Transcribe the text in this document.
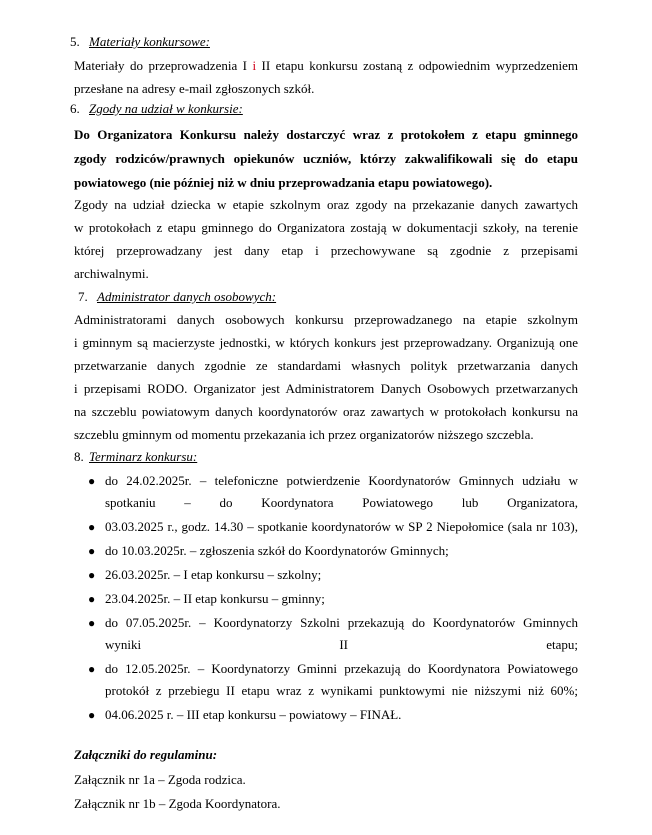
5. Materiały konkursowe:
Materiały do przeprowadzenia I i II etapu konkursu zostaną z odpowiednim wyprzedzeniem
przesłane na adresy e-mail zgłoszonych szkół.
6. Zgody na udział w konkursie:
Do Organizatora Konkursu należy dostarczyć wraz z protokołem z etapu gminnego
zgody rodziców/prawnych opiekunów uczniów, którzy zakwalifikowali się do etapu
powiatowego (nie później niż w dniu przeprowadzania etapu powiatowego).
Zgody na udział dziecka w etapie szkolnym oraz zgody na przekazanie danych zawartych
w protokołach z etapu gminnego do Organizatora zostają w dokumentacji szkoły, na terenie
której przeprowadzany jest dany etap i przechowywane są zgodnie z przepisami
archiwalnymi.
7. Administrator danych osobowych:
Administratorami danych osobowych konkursu przeprowadzanego na etapie szkolnym
i gminnym są macierzyste jednostki, w których konkurs jest przeprowadzany. Organizują one
przetwarzanie danych zgodnie ze standardami własnych polityk przetwarzania danych
i przepisami RODO. Organizator jest Administratorem Danych Osobowych przetwarzanych
na szczeblu powiatowym danych koordynatorów oraz zawartych w protokołach konkursu na
szczeblu gminnym od momentu przekazania ich przez organizatorów niższego szczebla.
8. Terminarz konkursu:
● do 24.02.2025r. – telefoniczne potwierdzenie Koordynatorów Gminnych udziału w spotkaniu – do Koordynatora Powiatowego lub Organizatora,
● 03.03.2025 r., godz. 14.30 – spotkanie koordynatorów w SP 2 Niepołomice (sala nr 103),
● do 10.03.2025r. – zgłoszenia szkół do Koordynatorów Gminnych;
● 26.03.2025r. – I etap konkursu – szkolny;
● 23.04.2025r. – II etap konkursu – gminny;
● do 07.05.2025r. – Koordynatorzy Szkolni przekazują do Koordynatorów Gminnych wyniki II etapu;
● do 12.05.2025r. – Koordynatorzy Gminni przekazują do Koordynatora Powiatowego protokół z przebiegu II etapu wraz z wynikami punktowymi nie niższymi niż 60%;
● 04.06.2025 r. – III etap konkursu – powiatowy – FINAŁ.
Załączniki do regulaminu:
Załącznik nr 1a – Zgoda rodzica.
Załącznik nr 1b – Zgoda Koordynatora.
